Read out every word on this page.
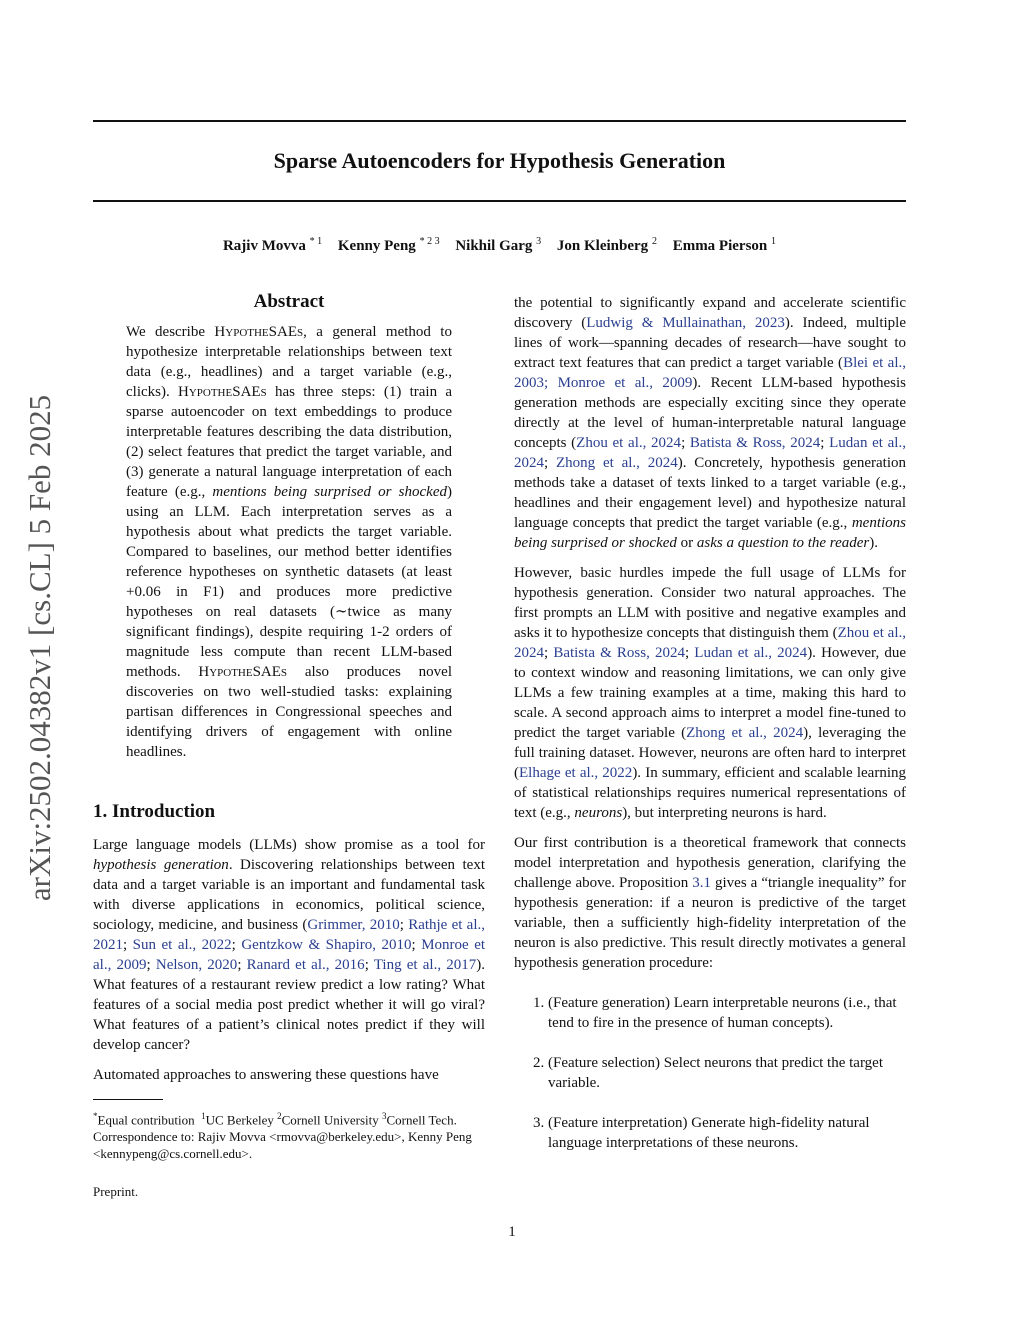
arXiv:2502.04382v1 [cs.CL] 5 Feb 2025
Sparse Autoencoders for Hypothesis Generation
Rajiv Movva $^{* 1}$ Kenny Peng $^{* 2 3}$ Nikhil Garg $^3$ Jon Kleinberg $^2$ Emma Pierson $^1$
Abstract

We describe HypotheSAEs, a general method to hypothesize interpretable relationships between text data (e.g., headlines) and a target variable (e.g., clicks). HypotheSAEs has three steps: (1) train a sparse autoencoder on text embeddings to produce interpretable features describing the data distribution, (2) select features that predict the target variable, and (3) generate a natural language interpretation of each feature (e.g., mentions being surprised or shocked) using an LLM. Each interpretation serves as a hypothesis about what predicts the target variable. Compared to baselines, our method better identifies reference hypotheses on synthetic datasets (at least +0.06 in F1) and produces more predictive hypotheses on real datasets (∼twice as many significant findings), despite requiring 1-2 orders of magnitude less compute than recent LLM-based methods. HypotheSAEs also produces novel discoveries on two well-studied tasks: explaining partisan differences in Congressional speeches and identifying drivers of engagement with online headlines.

1. Introduction

Large language models (LLMs) show promise as a tool for hypothesis generation. Discovering relationships between text data and a target variable is an important and fundamental task with diverse applications in economics, political science, sociology, medicine, and business (Grimmer, 2010; Rathje et al., 2021; Sun et al., 2022; Gentzkow & Shapiro, 2010; Monroe et al., 2009; Nelson, 2020; Ranard et al., 2016; Ting et al., 2017). What features of a restaurant review predict a low rating? What features of a social media post predict whether it will go viral? What features of a patient’s clinical notes predict if they will develop cancer?

Automated approaches to answering these questions have

*Equal contribution $^1$UC Berkeley $^2$Cornell University $^3$Cornell Tech. Correspondence to: Rajiv Movva <rmovva@berkeley.edu>, Kenny Peng <kennypeng@cs.cornell.edu>.
Preprint.

the potential to significantly expand and accelerate scientific discovery (Ludwig & Mullainathan, 2023). Indeed, multiple lines of work—spanning decades of research—have sought to extract text features that can predict a target variable (Blei et al., 2003; Monroe et al., 2009). Recent LLM-based hypothesis generation methods are especially exciting since they operate directly at the level of human-interpretable natural language concepts (Zhou et al., 2024; Batista & Ross, 2024; Ludan et al., 2024; Zhong et al., 2024). Concretely, hypothesis generation methods take a dataset of texts linked to a target variable (e.g., headlines and their engagement level) and hypothesize natural language concepts that predict the target variable (e.g., mentions being surprised or shocked or asks a question to the reader).

However, basic hurdles impede the full usage of LLMs for hypothesis generation. Consider two natural approaches. The first prompts an LLM with positive and negative examples and asks it to hypothesize concepts that distinguish them (Zhou et al., 2024; Batista & Ross, 2024; Ludan et al., 2024). However, due to context window and reasoning limitations, we can only give LLMs a few training examples at a time, making this hard to scale. A second approach aims to interpret a model fine-tuned to predict the target variable (Zhong et al., 2024), leveraging the full training dataset. However, neurons are often hard to interpret (Elhage et al., 2022). In summary, efficient and scalable learning of statistical relationships requires numerical representations of text (e.g., neurons), but interpreting neurons is hard.

Our first contribution is a theoretical framework that connects model interpretation and hypothesis generation, clarifying the challenge above. Proposition 3.1 gives a “triangle inequality” for hypothesis generation: if a neuron is predictive of the target variable, then a sufficiently high-fidelity interpretation of the neuron is also predictive. This result directly motivates a general hypothesis generation procedure:

1. (Feature generation) Learn interpretable neurons (i.e., that tend to fire in the presence of human concepts).
2. (Feature selection) Select neurons that predict the target variable.
3. (Feature interpretation) Generate high-fidelity natural language interpretations of these neurons.
1
